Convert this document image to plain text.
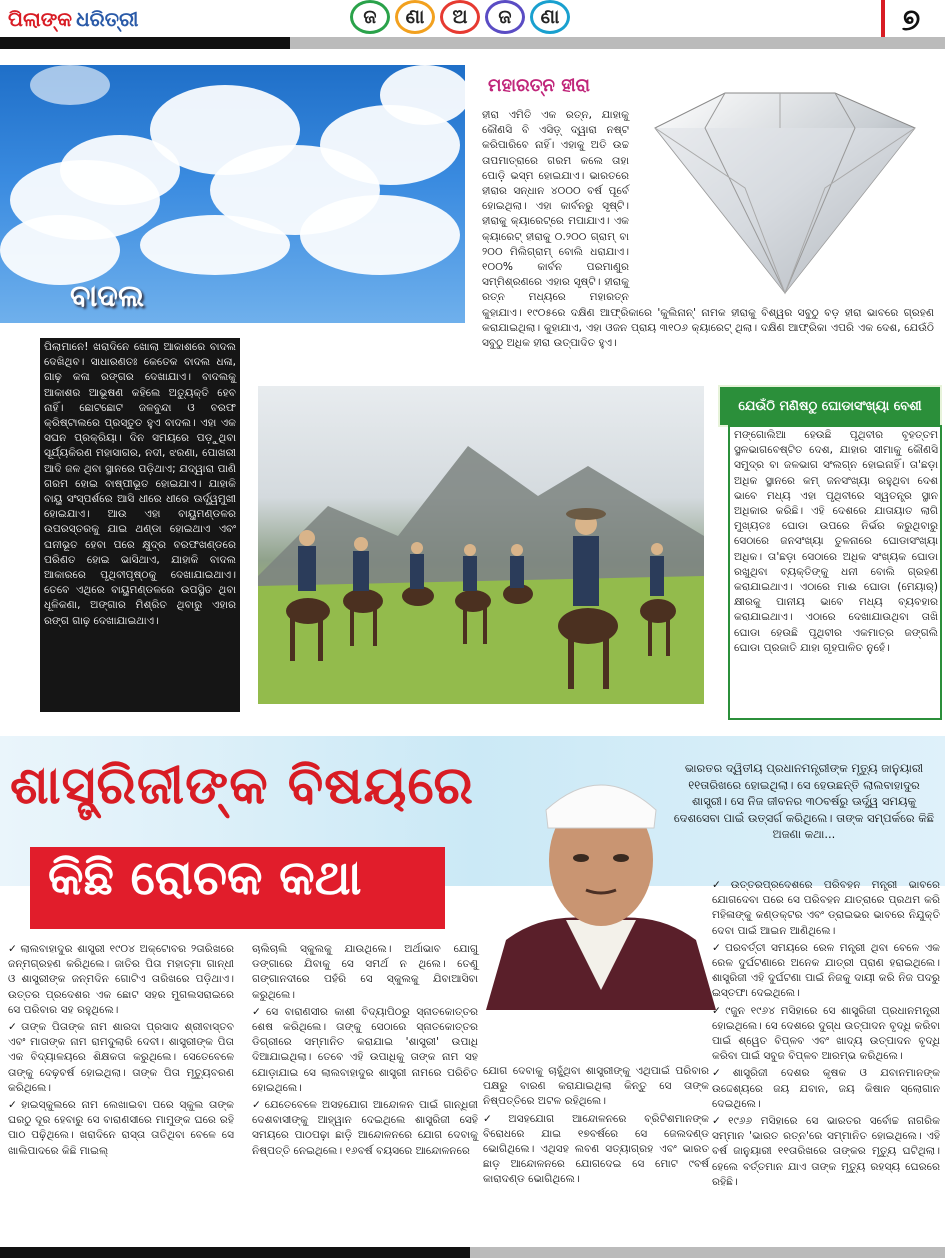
ପିଲାଙ୍କ ଧରିତ୍ରୀ	ଜ	ଣା	ଅ	ଜ	ଣା	୭
ବାଦଲ

ପିଲାମାନେ! ଖରାଦିନେ ଖୋଲା ଆକାଶରେ ବାଦଲ ଦେଖିଥିବ। ସାଧାରଣତଃ କେତେକ ବାଦଲ ଧଳା, ଗାଢ଼ କଳା ରଙ୍ଗର ଦେଖାଯାଏ। ବାଦଲକୁ ଆକାଶର ଆଭୂଷଣ କହିଲେ ଅତ୍ୟୁକ୍ତି ହେବ ନାହିଁ। ଛୋଟଛୋଟ ଜଳବୁନ୍ଦା ଓ ବରଫ କ୍ରିଷ୍ଟାଲରେ ପ୍ରସ୍ତୁତ ହୁଏ ବାଦଲ। ଏହା ଏକ ସଘନ ପ୍ରକ୍ରିୟା। ଦିନ ସମୟରେ ପଡ଼ୁଥିବା ସୂର୍ଯ୍ୟକିରଣ ମହାସାଗର, ନଦୀ, ଝରଣା, ପୋଖରୀ ଆଦି ଜଳ ଥିବା ସ୍ଥାନରେ ପଡ଼ିଥାଏ; ଯଦ୍ୱାରା ପାଣି ଗରମ ହୋଇ ବାଷ୍ପୀଭୂତ ହୋଇଯାଏ। ଯାହାକି ବାୟୁ ସଂସ୍ପର୍ଶରେ ଆସି ଧୀରେ ଧୀରେ ଊର୍ଦ୍ଧ୍ୱମୁଖୀ ହୋଇଯାଏ। ଆଉ ଏହା ବାୟୁମଣ୍ଡଳର ଉପରସ୍ତରକୁ ଯାଇ ଥଣ୍ଡା ହୋଇଥାଏ ଏବଂ ଘନୀଭୂତ ହେବା ପରେ କ୍ଷୁଦ୍ର ବରଫଖଣ୍ଡରେ ପରିଣତ ହୋଇ ଭାସିଥାଏ, ଯାହାକି ବାଦଲ ଆକାରରେ ପୃଥିବୀପୃଷ୍ଠକୁ ଦେଖାଯାଇଥାଏ। ତେବେ ଏଥିରେ ବାୟୁମଣ୍ଡଳରେ ଉପସ୍ଥିତ ଥିବା ଧୂଳିକଣା, ଅଙ୍ଗାର ମିଶ୍ରିତ ଥିବାରୁ ଏହାର ରଙ୍ଗ ଗାଢ଼ ଦେଖାଯାଇଥାଏ।

ମହାରତ୍ନ ହୀରା

ହୀରା ଏମିତି ଏକ ରତ୍ନ, ଯାହାକୁ କୌଣସି ବି ଏସିଡ଼୍ ଦ୍ୱାରା ନଷ୍ଟ କରିପାରିବେ ନାହିଁ। ଏହାକୁ ଅତି ଉଚ୍ଚ ତାପମାତ୍ରାରେ ଗରମ କଲେ ତାହା ପୋଡ଼ି ଭସ୍ମ ହୋଇଯାଏ। ଭାରତରେ ହୀରାର ସନ୍ଧାନ ୪୦୦୦ ବର୍ଷ ପୂର୍ବେ ହୋଇଥିଲା। ଏହା କାର୍ବନରୁ ସୃଷ୍ଟି। ହୀରାକୁ କ୍ୟାରେଟ୍‌ରେ ମପାଯାଏ। ଏକ କ୍ୟାରେଟ୍ ହୀରାକୁ ୦.୨୦୦ ଗ୍ରାମ୍ ବା ୨୦୦ ମିଲିଗ୍ରାମ୍ ବୋଲି ଧରାଯାଏ। ୧୦୦% କାର୍ବନ ପରମାଣୁର ସମ୍ମିଶ୍ରଣରେ ଏହାର ସୃଷ୍ଟି। ହୀରାକୁ ରତ୍ନ ମଧ୍ୟରେ ମହାରତ୍ନ କୁହାଯାଏ। ୧୯୦୫ରେ ଦକ୍ଷିଣ ଆଫ୍ରିକାରେ 'କୁଲିନାନ୍' ନାମକ ହୀରାକୁ ବିଶ୍ୱର ସବୁଠୁ ବଡ଼ ହୀରା ଭାବରେ ଗ୍ରହଣ କରାଯାଇଥିଲା। କୁହାଯାଏ, ଏହା ଓଜନ ପ୍ରାୟ ୩୧୦୬ କ୍ୟାରେଟ୍ ଥିଲା। ଦକ୍ଷିଣ ଆଫ୍ରିକା ଏପରି ଏକ ଦେଶ, ଯେଉଁଠି ସବୁଠୁ ଅଧିକ ହୀରା ଉତ୍ପାଦିତ ହୁଏ।

ଯେଉଁଠି ମଣିଷଠୁ ଘୋଡାସଂଖ୍ୟା ବେଶୀ

ମଙ୍ଗୋଲିଆ ହେଉଛି ପୃଥିବୀର ବୃହତ୍ତମ ସ୍ଥଳଭାଗବେଷ୍ଟିତ ଦେଶ, ଯାହାର ସୀମାକୁ କୌଣସି ସମୁଦ୍ର ବା ଜଳଭାଗ ସଂଲଗ୍ନ ହୋଇନାହିଁ। ତା'ଛଡ଼ା ଅଧିକ ସ୍ଥାନରେ କମ୍ ଜନସଂଖ୍ୟା ରହୁଥିବା ଦେଶ ଭାବେ ମଧ୍ୟ ଏହା ପୃଥିବୀରେ ସ୍ୱତନ୍ତ୍ର ସ୍ଥାନ ଅଧିକାର କରିଛି। ଏହି ଦେଶରେ ଯାତାୟାତ ଲାଗି ମୁଖ୍ୟତଃ ଘୋଡା ଉପରେ ନିର୍ଭର କରୁଥିବାରୁ ସେଠାରେ ଜନସଂଖ୍ୟା ତୁଳନାରେ ଘୋଡାସଂଖ୍ୟା ଅଧିକ। ତା'ଛଡ଼ା ସେଠାରେ ଅଧିକ ସଂଖ୍ୟକ ଘୋଡା ରଖୁଥିବା ବ୍ୟକ୍ତିଙ୍କୁ ଧନୀ ବୋଲି ଗ୍ରହଣ କରାଯାଇଥାଏ। ଏଠାରେ ମାଈ ଘୋଡା (ମେୟାର୍) କ୍ଷୀରକୁ ପାନୀୟ ଭାବେ ମଧ୍ୟ ବ୍ୟବହାର କରାଯାଇଥାଏ। ଏଠାରେ ଦେଖାଯାଉଥିବା ତାଖି ଘୋଡା ହେଉଛି ପୃଥିବୀର ଏକମାତ୍ର ଜଙ୍ଗଲି ଘୋଡା ପ୍ରଜାତି ଯାହା ଗୃହପାଳିତ ନୁହେଁ।

ଶାସ୍ତ୍ରିଜୀଙ୍କ ବିଷୟରେ
କିଛି ରୋଚକ କଥା

ଭାରତର ଦ୍ୱିତୀୟ ପ୍ରଧାନମନ୍ତ୍ରୀଙ୍କ ମୃତ୍ୟୁ ଜାନୁୟାରୀ ୧୧ତାରିଖରେ ହୋଇଥିଲା। ସେ ହେଉଛନ୍ତି ଲାଲବାହାଦୁର ଶାସ୍ତ୍ରୀ। ସେ ନିଜ ଜୀବନର ୩୦ବର୍ଷରୁ ଊର୍ଦ୍ଧ୍ୱ ସମୟକୁ ଦେଶସେବା ପାଇଁ ଉତ୍ସର୍ଗ କରିଥିଲେ। ତାଙ୍କ ସମ୍ପର୍କରେ କିଛି ଅଜଣା କଥା...

✓ ଲାଲବାହାଦୁର ଶାସ୍ତ୍ରୀ ୧୯୦୪ ଅକ୍ଟୋବର ୨ତାରିଖରେ ଜନ୍ମଗ୍ରହଣ କରିଥିଲେ। ଜାତିର ପିତା ମହାତ୍ମା ଗାନ୍ଧୀ ଓ ଶାସ୍ତ୍ରୀଙ୍କ ଜନ୍ମଦିନ ଗୋଟିଏ ତାରିଖରେ ପଡ଼ିଥାଏ। ଉତ୍ତର ପ୍ରଦେଶର ଏକ ଛୋଟ ସହର ମୁଗଲସରାଇରେ ସେ ପରିବାର ସହ ରହୁଥିଲେ।
✓ ତାଙ୍କ ପିତାଙ୍କ ନାମ ଶାରଦା ପ୍ରସାଦ ଶ୍ରୀବାସ୍ତବ ଏବଂ ମାତାଙ୍କ ନାମ ରାମଦୁଲାରି ଦେବୀ। ଶାସ୍ତ୍ରୀଙ୍କ ପିତା ଏକ ବିଦ୍ୟାଳୟରେ ଶିକ୍ଷକତା କରୁଥିଲେ। ସେତେବେଳେ ତାଙ୍କୁ ଦେଢ଼ବର୍ଷ ହୋଇଥିଲା। ତାଙ୍କ ପିତା ମୃତ୍ୟୁବରଣ କରିଥିଲେ।
✓ ହାଇସ୍କୁଲରେ ନାମ ଲେଖାଇବା ପରେ ସ୍କୁଲ ତାଙ୍କ ଘରଠୁ ଦୂର ହେବାରୁ ସେ ବାରାଣସୀରେ ମାମୁଙ୍କ ଘରେ ରହି ପାଠ ପଢ଼ିଥିଲେ। ଖରାଦିନେ ରାସ୍ତା ତାତିଥିବା ବେଳେ ସେ ଖାଲିପାଦରେ କିଛି ମାଇଲ୍
ଚାଲିଚାଲି ସ୍କୁଲକୁ ଯାଉଥିଲେ। ଅର୍ଥାଭାବ ଯୋଗୁ ଡଙ୍ଗାରେ ଯିବାକୁ ସେ ସମର୍ଥ ନ ଥିଲେ। ତେଣୁ ଗଙ୍ଗାନଦୀରେ ପହଁରି ସେ ସ୍କୁଲକୁ ଯିବାଆସିବା କରୁଥିଲେ।
✓ ସେ ବାରାଣସୀର କାଶୀ ବିଦ୍ୟାପିଠରୁ ସ୍ନାତକୋତ୍ତର ଶେଷ କରିଥିଲେ। ତାଙ୍କୁ ସେଠାରେ ସ୍ନାତକୋତ୍ତର ଡିଗ୍ରୀରେ ସମ୍ମାନିତ କରାଯାଇ 'ଶାସ୍ତ୍ରୀ' ଉପାଧି ଦିଆଯାଇଥିଲା। ତେବେ ଏହି ଉପାଧିକୁ ତାଙ୍କ ନାମ ସହ ଯୋଡ଼ାଯାଇ ସେ ଲାଲବାହାଦୁର ଶାସ୍ତ୍ରୀ ନାମରେ ପରିଚିତ ହୋଇଥିଲେ।
✓ ଯେତେବେଳେ ଅସହଯୋଗ ଆନ୍ଦୋଳନ ପାଇଁ ଗାନ୍ଧିଜୀ ଦେଶବାସୀଙ୍କୁ ଆହ୍ୱାନ ଦେଇଥିଲେ ଶାସ୍ତ୍ରିଜୀ ସେହି ସମୟରେ ପାଠପଢ଼ା ଛାଡ଼ି ଆନ୍ଦୋଳନରେ ଯୋଗ ଦେବାକୁ ନିଷ୍ପତ୍ତି ନେଇଥିଲେ। ୧୬ବର୍ଷ ବୟସରେ ଆନ୍ଦୋଳନରେ
ଯୋଗ ଦେବାକୁ ଚାହୁଁଥିବା ଶାସ୍ତ୍ରୀଙ୍କୁ ଏଥିପାଇଁ ପରିବାର ପକ୍ଷରୁ ବାରଣ କରାଯାଇଥିଲା କିନ୍ତୁ ସେ ତାଙ୍କ ନିଷ୍ପତ୍ତିରେ ଅଟଳ ରହିଥିଲେ।
✓ ଅସହଯୋଗ ଆନ୍ଦୋଳନରେ ବ୍ରିଟିଶମାନଙ୍କ ବିରୋଧରେ ଯାଇ ୧୭ବର୍ଷରେ ସେ ଜେଲଦଣ୍ଡ ଭୋଗିଥିଲେ। ଏଥିସହ ଲବଣ ସତ୍ୟାଗ୍ରହ ଏବଂ ଭାରତ ଛାଡ଼ ଆନ୍ଦୋଳନରେ ଯୋଗଦେଇ ସେ ମୋଟ ୯ବର୍ଷ କାରାଦଣ୍ଡ ଭୋଗିଥିଲେ।
✓ ଉତ୍ତରପ୍ରଦେଶରେ ପରିବହନ ମନ୍ତ୍ରୀ ଭାବରେ ଯୋଗଦେବା ପରେ ସେ ପରିବହନ ଯାତ୍ରାରେ ପ୍ରଥମ କରି ମହିଳାଙ୍କୁ କଣ୍ଡକ୍ଟର ଏବଂ ଡ୍ରାଇଭର ଭାବରେ ନିଯୁକ୍ତି ଦେବା ପାଇଁ ଆଇନ ଆଣିଥିଲେ।
✓ ପରବର୍ତ୍ତୀ ସମୟରେ ରେଳ ମନ୍ତ୍ରୀ ଥିବା ବେଳେ ଏକ ରେଳ ଦୁର୍ଘଟଣାରେ ଅନେକ ଯାତ୍ରୀ ପ୍ରାଣ ହରାଇଥିଲେ। ଶାସ୍ତ୍ରିଜୀ ଏହି ଦୁର୍ଘଟଣା ପାଇଁ ନିଜକୁ ଦାୟୀ କରି ନିଜ ପଦରୁ ଇସ୍ତଫା ଦେଇଥିଲେ।
✓ ୯ଜୁନ ୧୯୬୪ ମସିହାରେ ସେ ଶାସ୍ତ୍ରିଜୀ ପ୍ରଧାନମନ୍ତ୍ରୀ ହୋଇଥିଲେ। ସେ ଦେଶରେ ଦୁଗ୍ଧ ଉତ୍ପାଦନ ବୃଦ୍ଧି କରିବା ପାଇଁ ଶ୍ୱେତ ବିପ୍ଳବ ଏବଂ ଖାଦ୍ୟ ଉତ୍ପାଦନ ବୃଦ୍ଧି କରିବା ପାଇଁ ସବୁଜ ବିପ୍ଳବ ଆରମ୍ଭ କରିଥିଲେ।
✓ ଶାସ୍ତ୍ରିଜୀ ଦେଶର କୃଷକ ଓ ଯବାନମାନଙ୍କ ଉଦ୍ଦେଶ୍ୟରେ ଜୟ ଯବାନ, ଜୟ କିଷାନ ସ୍ଲୋଗାନ ଦେଇଥିଲେ।
✓ ୧୯୬୬ ମସିହାରେ ସେ ଭାରତର ସର୍ବୋଚ୍ଚ ନାଗରିକ ସମ୍ମାନ 'ଭାରତ ରତ୍ନ'ରେ ସମ୍ମାନିତ ହୋଇଥିଲେ। ଏହି ବର୍ଷ ଜାନୁୟାରୀ ୧୧ତାରିଖରେ ତାଙ୍କର ମୃତ୍ୟୁ ଘଟିଥିଲା। ହେଲେ ବର୍ତ୍ତମାନ ଯାଏ ତାଙ୍କ ମୃତ୍ୟୁ ରହସ୍ୟ ଘେରରେ ରହିଛି।
